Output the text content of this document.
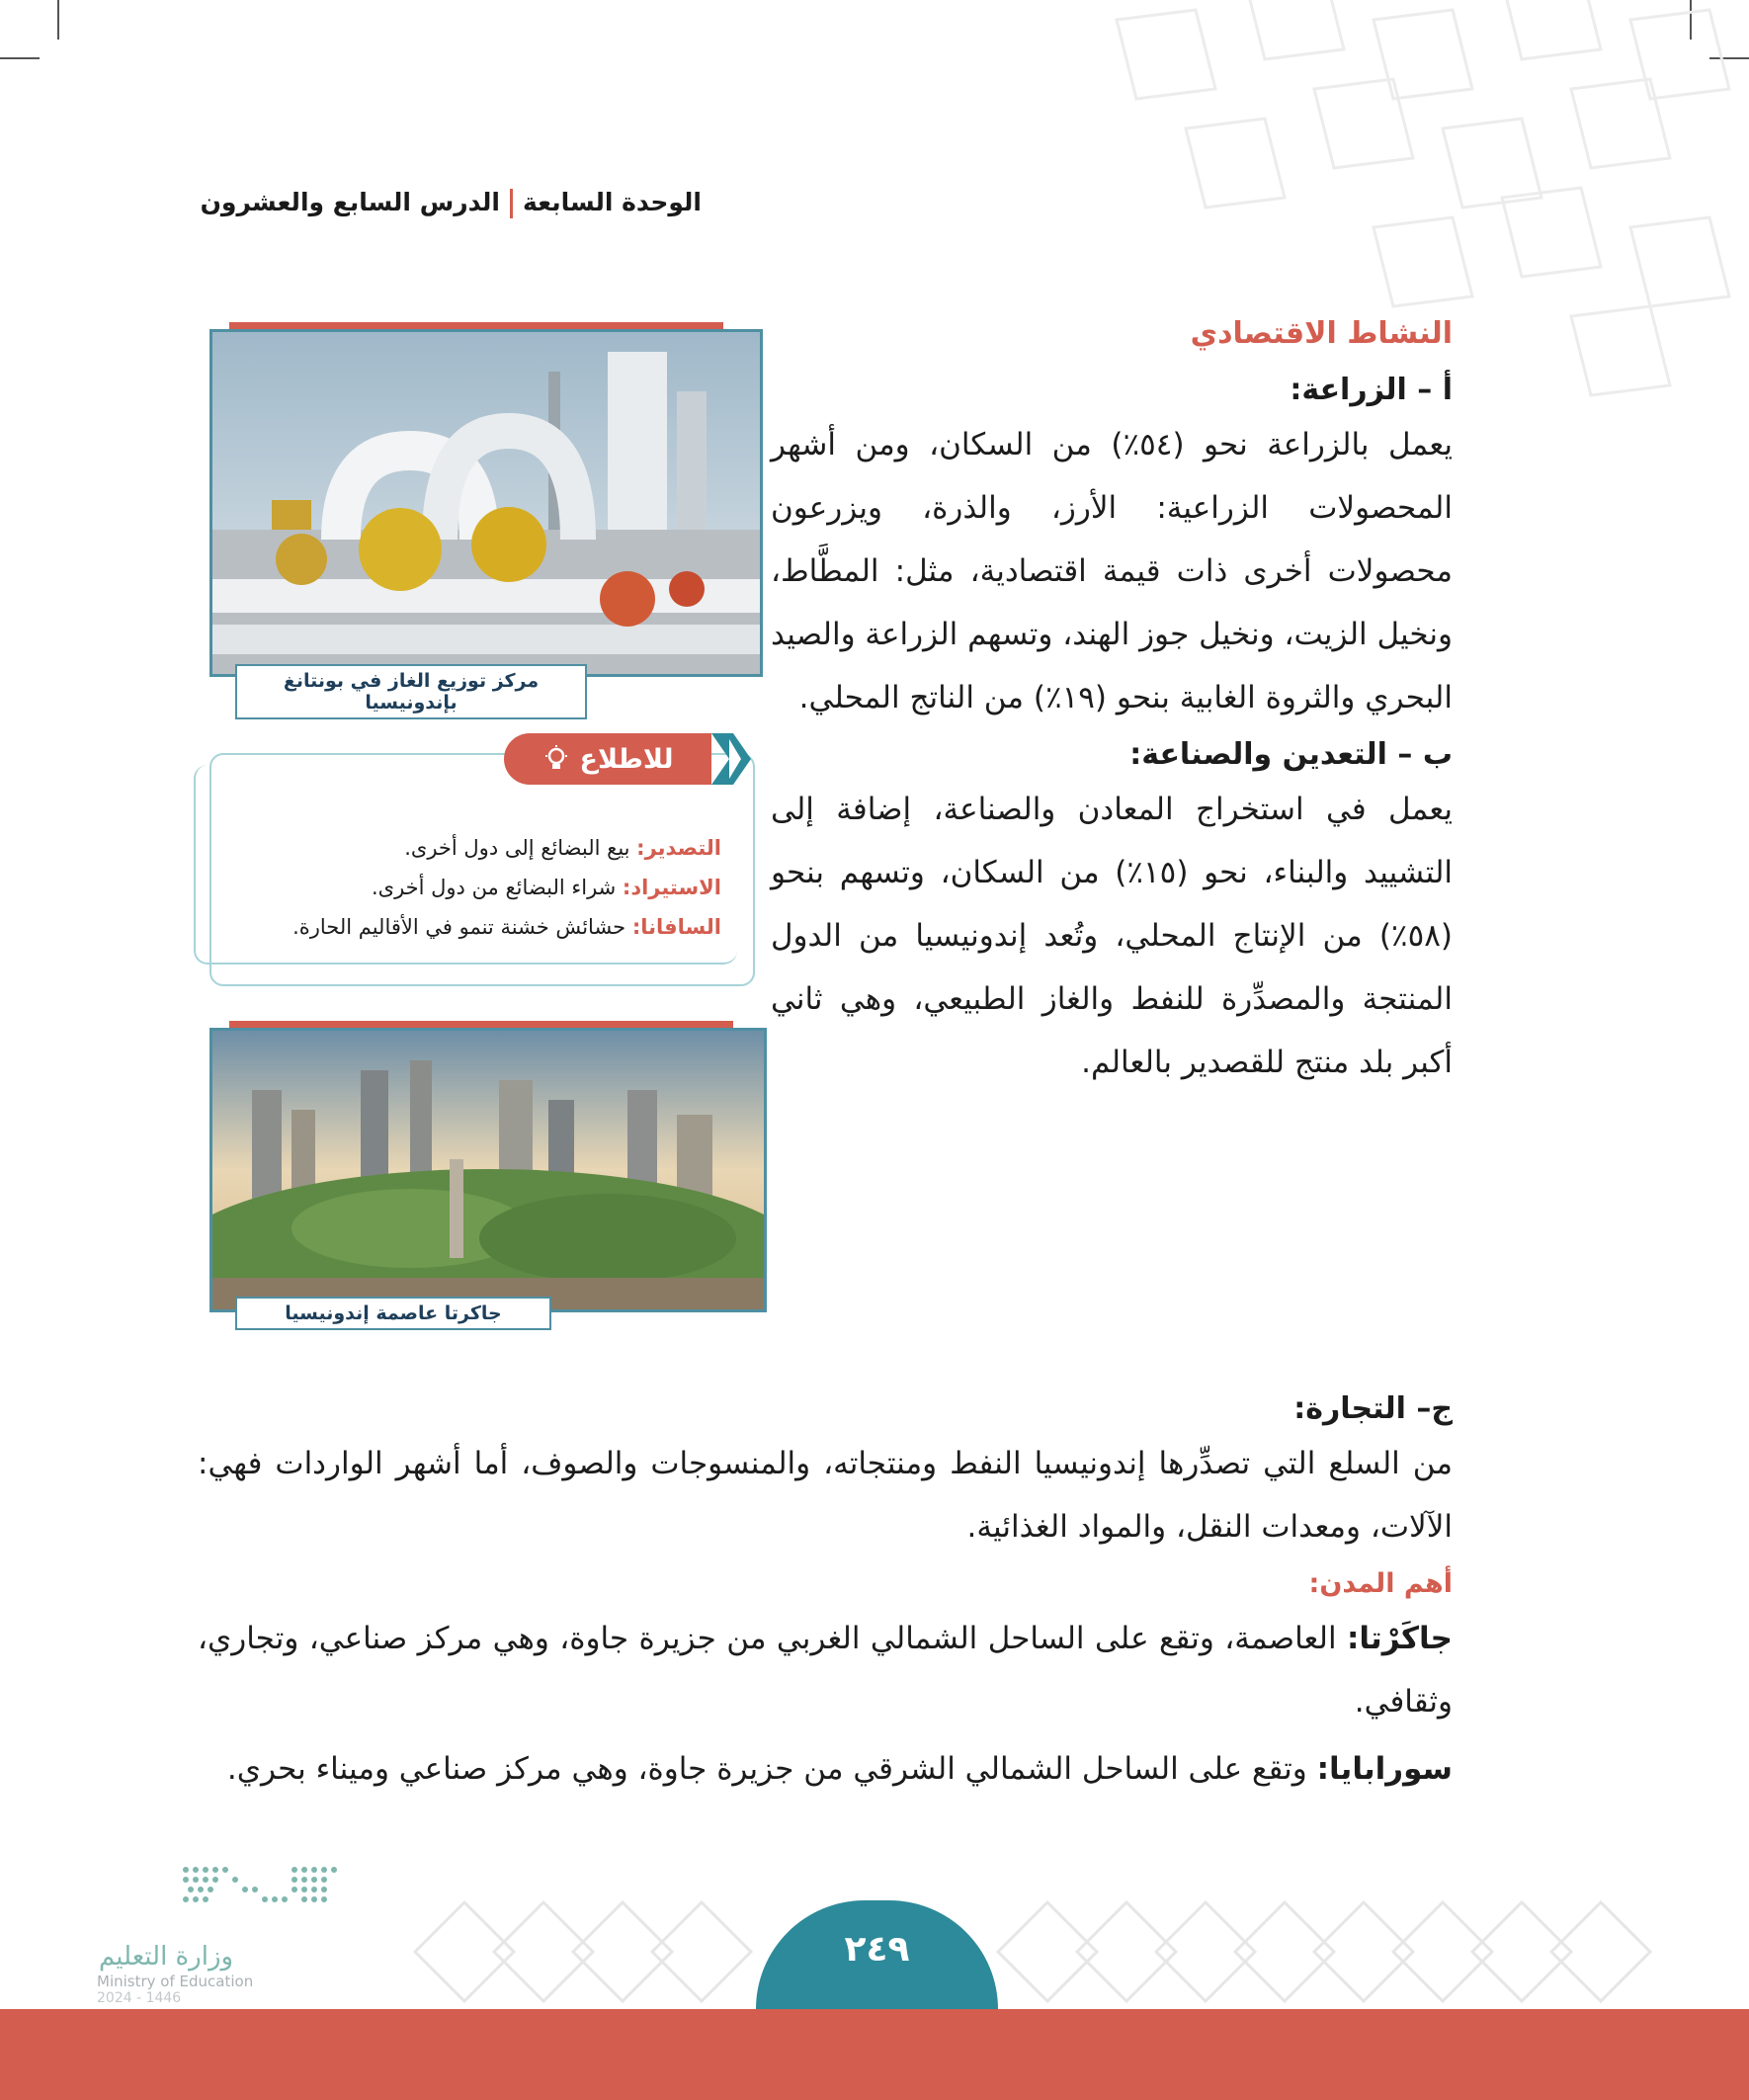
الوحدة السابعةالدرس السابع والعشرون
النشاط الاقتصادي
أ – الزراعة:

يعمل بالزراعة نحو (٥٤٪) من السكان، ومن أشهر المحصولات الزراعية: الأرز، والذرة، ويزرعون محصولات أخرى ذات قيمة اقتصادية، مثل: المطَّاط، ونخيل الزيت، ونخيل جوز الهند، وتسهم الزراعة والصيد البحري والثروة الغابية بنحو (١٩٪) من الناتج المحلي.

ب – التعدين والصناعة:

يعمل في استخراج المعادن والصناعة، إضافة إلى التشييد والبناء، نحو (١٥٪) من السكان، وتسهم بنحو (٥٨٪) من الإنتاج المحلي، وتُعد إندونيسيا من الدول المنتجة والمصدِّرة للنفط والغاز الطبيعي، وهي ثاني أكبر بلد منتج للقصدير بالعالم.

ج– التجارة:

من السلع التي تصدِّرها إندونيسيا النفط ومنتجاته، والمنسوجات والصوف، أما أشهر الواردات فهي: الآلات، ومعدات النقل، والمواد الغذائية.

أهم المدن:

جاكَرْتا: العاصمة، وتقع على الساحل الشمالي الغربي من جزيرة جاوة، وهي مركز صناعي، وتجاري، وثقافي.

سورابايا: وتقع على الساحل الشمالي الشرقي من جزيرة جاوة، وهي مركز صناعي وميناء بحري.

مركز توزيع الغاز في بونتانغ بإندونيسيا
للاطلاع
التصدير: بيع البضائع إلى دول أخرى.
الاستيراد: شراء البضائع من دول أخرى.
السافانا: حشائش خشنة تنمو في الأقاليم الحارة.
جاكرتا عاصمة إندونيسيا
وزارة التعليم
Ministry of Education
2024 - 1446
٢٤٩
